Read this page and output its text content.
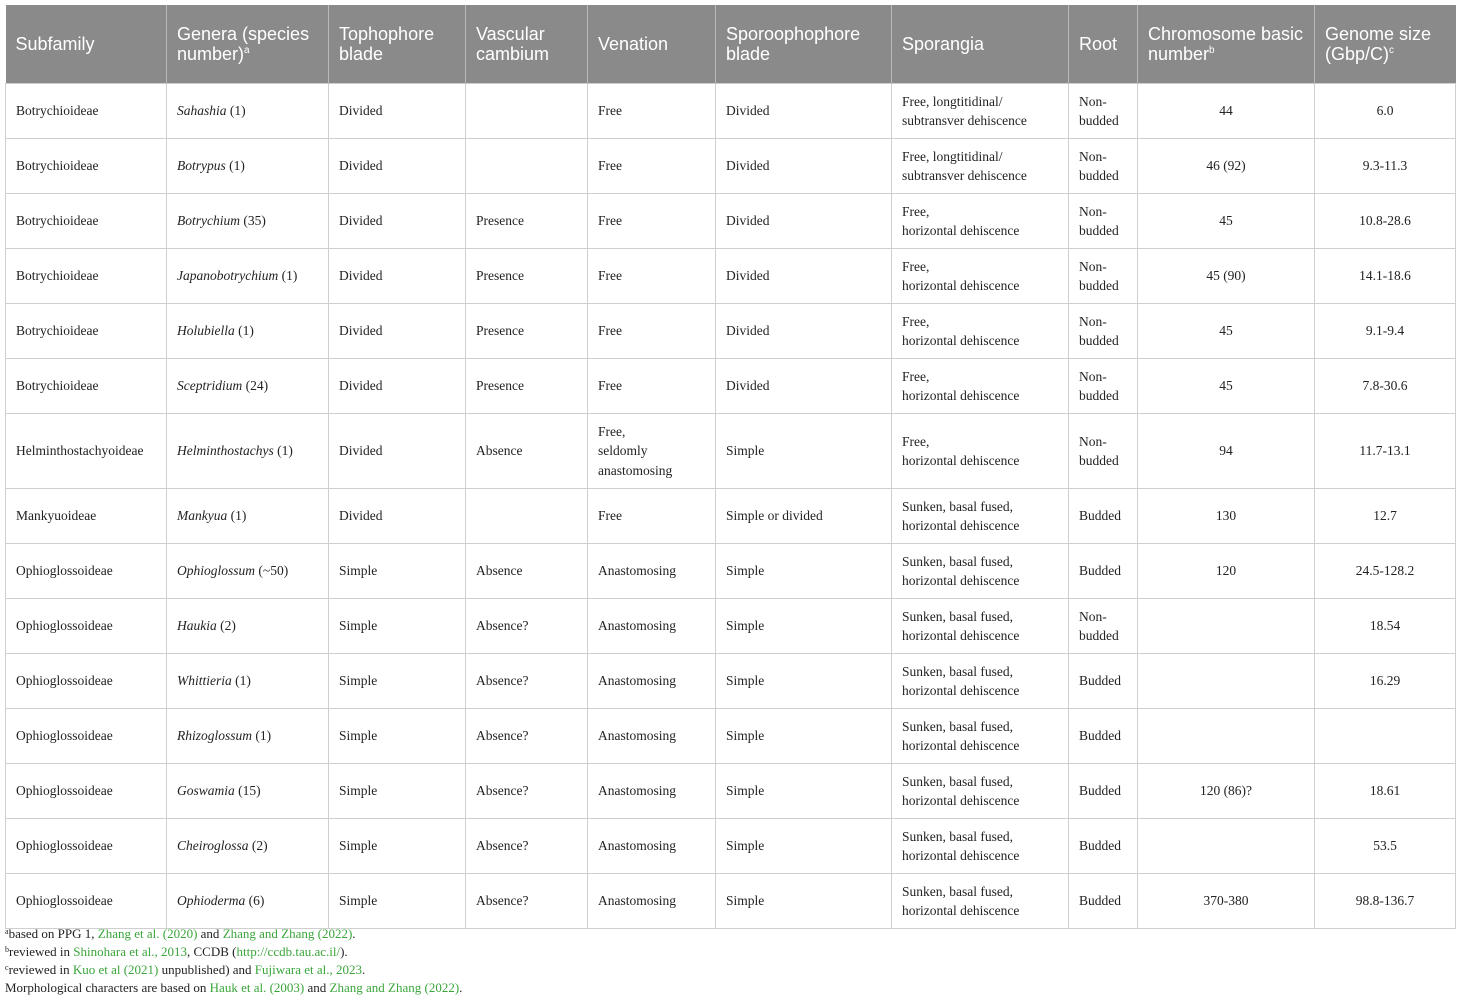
Subfamily	Genera (species number)$^a$	Tophophore blade	Vascular cambium	Venation	Sporoophophore blade	Sporangia	Root	Chromosome basic number$^b$	Genome size $(Gbp/C)^c$
Botrychioideae	Sahashia (1)	Divided		Free	Divided	Free, longtitidinal/
subtransver dehiscence	Non-
budded	44	6.0
Botrychioideae	Botrypus (1)	Divided		Free	Divided	Free, longtitidinal/
subtransver dehiscence	Non-
budded	46 (92)	9.3-11.3
Botrychioideae	Botrychium (35)	Divided	Presence	Free	Divided	Free,
horizontal dehiscence	Non-
budded	45	10.8-28.6
Botrychioideae	Japanobotrychium (1)	Divided	Presence	Free	Divided	Free,
horizontal dehiscence	Non-
budded	45 (90)	14.1-18.6
Botrychioideae	Holubiella (1)	Divided	Presence	Free	Divided	Free,
horizontal dehiscence	Non-
budded	45	9.1-9.4
Botrychioideae	Sceptridium (24)	Divided	Presence	Free	Divided	Free,
horizontal dehiscence	Non-
budded	45	7.8-30.6
Helminthostachyoideae	Helminthostachys (1)	Divided	Absence	Free,
seldomly
anastomosing	Simple	Free,
horizontal dehiscence	Non-
budded	94	11.7-13.1
Mankyuoideae	Mankyua (1)	Divided		Free	Simple or divided	Sunken, basal fused,
horizontal dehiscence	Budded	130	12.7
Ophioglossoideae	Ophioglossum (~50)	Simple	Absence	Anastomosing	Simple	Sunken, basal fused,
horizontal dehiscence	Budded	120	24.5-128.2
Ophioglossoideae	Haukia (2)	Simple	Absence?	Anastomosing	Simple	Sunken, basal fused,
horizontal dehiscence	Non-
budded		18.54
Ophioglossoideae	Whittieria (1)	Simple	Absence?	Anastomosing	Simple	Sunken, basal fused,
horizontal dehiscence	Budded		16.29
Ophioglossoideae	Rhizoglossum (1)	Simple	Absence?	Anastomosing	Simple	Sunken, basal fused,
horizontal dehiscence	Budded		
Ophioglossoideae	Goswamia (15)	Simple	Absence?	Anastomosing	Simple	Sunken, basal fused,
horizontal dehiscence	Budded	120 (86)?	18.61
Ophioglossoideae	Cheiroglossa (2)	Simple	Absence?	Anastomosing	Simple	Sunken, basal fused,
horizontal dehiscence	Budded		53.5
Ophioglossoideae	Ophioderma (6)	Simple	Absence?	Anastomosing	Simple	Sunken, basal fused,
horizontal dehiscence	Budded	370-380	98.8-136.7
$^a$based on PPG 1, Zhang et al. (2020) and Zhang and Zhang (2022).
$^b$reviewed in Shinohara et al., 2013, CCDB (http://ccdb.tau.ac.il/).
$^c$reviewed in Kuo et al (2021) unpublished) and Fujiwara et al., 2023.
Morphological characters are based on Hauk et al. (2003) and Zhang and Zhang (2022).
